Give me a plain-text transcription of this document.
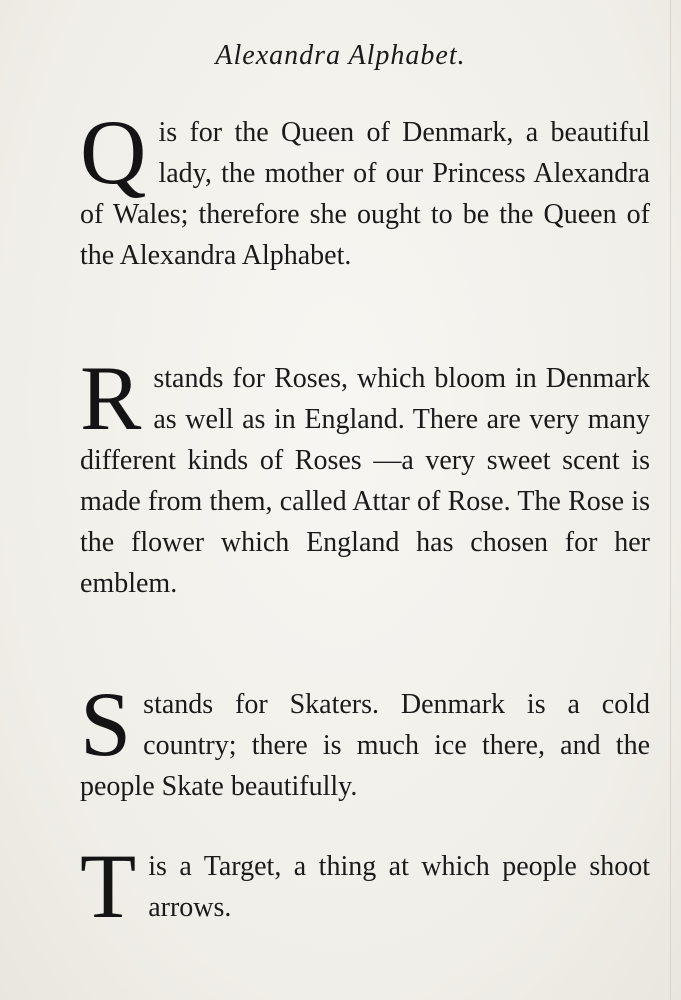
Alexandra Alphabet.
Q is for the Queen of Denmark, a beautiful lady, the mother of our Princess Alexandra of Wales; therefore she ought to be the Queen of the Alexandra Alphabet.
R stands for Roses, which bloom in Denmark as well as in England. There are very many different kinds of Roses —a very sweet scent is made from them, called Attar of Rose. The Rose is the flower which England has chosen for her emblem.
S stands for Skaters. Denmark is a cold country; there is much ice there, and the people Skate beautifully.
T is a Target, a thing at which people shoot arrows.
